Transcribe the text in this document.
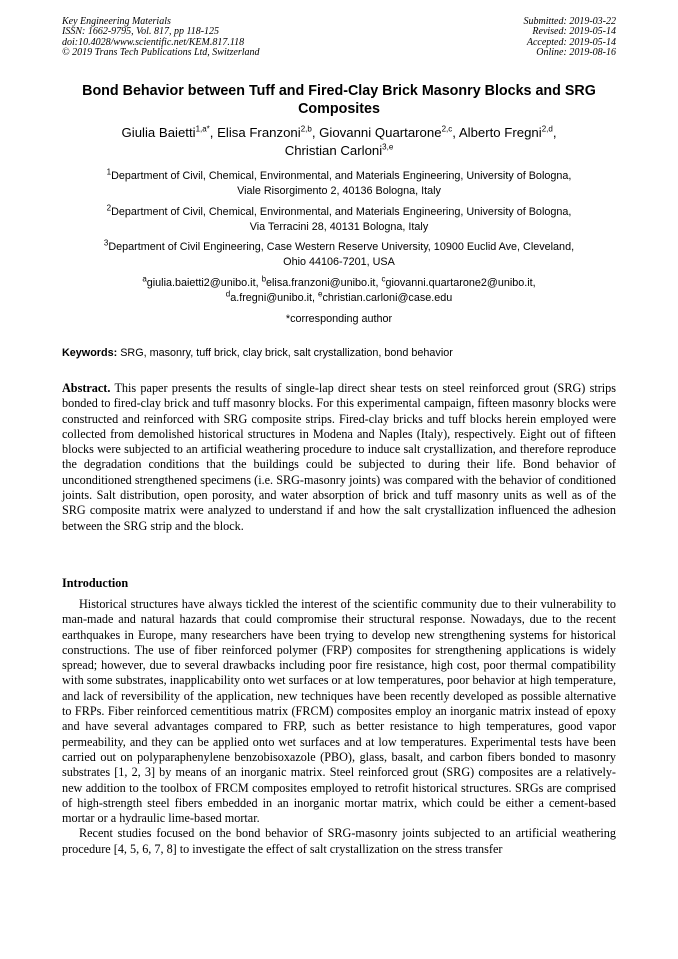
Key Engineering Materials
ISSN: 1662-9795, Vol. 817, pp 118-125
doi:10.4028/www.scientific.net/KEM.817.118
© 2019 Trans Tech Publications Ltd, Switzerland
Submitted: 2019-03-22
Revised: 2019-05-14
Accepted: 2019-05-14
Online: 2019-08-16
Bond Behavior between Tuff and Fired-Clay Brick Masonry Blocks and SRG Composites
Giulia Baietti$^{1,a*}$, Elisa Franzoni$^{2,b}$, Giovanni Quartarone$^{2,c}$, Alberto Fregni$^{2,d}$,
Christian Carloni$^{3,e}$
$^1$Department of Civil, Chemical, Environmental, and Materials Engineering, University of Bologna,
Viale Risorgimento 2, 40136 Bologna, Italy
$^2$Department of Civil, Chemical, Environmental, and Materials Engineering, University of Bologna,
Via Terracini 28, 40131 Bologna, Italy
$^3$Department of Civil Engineering, Case Western Reserve University, 10900 Euclid Ave, Cleveland,
Ohio 44106-7201, USA
$^a$giulia.baietti2@unibo.it, $^b$elisa.franzoni@unibo.it, $^c$giovanni.quartarone2@unibo.it,
$^d$a.fregni@unibo.it, $^e$christian.carloni@case.edu
*corresponding author
Keywords: SRG, masonry, tuff brick, clay brick, salt crystallization, bond behavior

Abstract. This paper presents the results of single-lap direct shear tests on steel reinforced grout (SRG) strips bonded to fired-clay brick and tuff masonry blocks. For this experimental campaign, fifteen masonry blocks were constructed and reinforced with SRG composite strips. Fired-clay bricks and tuff blocks herein employed were collected from demolished historical structures in Modena and Naples (Italy), respectively. Eight out of fifteen blocks were subjected to an artificial weathering procedure to induce salt crystallization, and therefore reproduce the degradation conditions that the buildings could be subjected to during their life. Bond behavior of unconditioned strengthened specimens (i.e. SRG-masonry joints) was compared with the behavior of conditioned joints. Salt distribution, open porosity, and water absorption of brick and tuff masonry units as well as of the SRG composite matrix were analyzed to understand if and how the salt crystallization influenced the adhesion between the SRG strip and the block.

Introduction

Historical structures have always tickled the interest of the scientific community due to their vulnerability to man-made and natural hazards that could compromise their structural response. Nowadays, due to the recent earthquakes in Europe, many researchers have been trying to develop new strengthening systems for historical constructions. The use of fiber reinforced polymer (FRP) composites for strengthening applications is widely spread; however, due to several drawbacks including poor fire resistance, high cost, poor thermal compatibility with some substrates, inapplicability onto wet surfaces or at low temperatures, poor behavior at high temperature, and lack of reversibility of the application, new techniques have been recently developed as possible alternative to FRPs. Fiber reinforced cementitious matrix (FRCM) composites employ an inorganic matrix instead of epoxy and have several advantages compared to FRP, such as better resistance to high temperatures, good vapor permeability, and they can be applied onto wet surfaces and at low temperatures. Experimental tests have been carried out on polyparaphenylene benzobisoxazole (PBO), glass, basalt, and carbon fibers bonded to masonry substrates [1, 2, 3] by means of an inorganic matrix. Steel reinforced grout (SRG) composites are a relatively-new addition to the toolbox of FRCM composites employed to retrofit historical structures. SRGs are comprised of high-strength steel fibers embedded in an inorganic mortar matrix, which could be either a cement-based mortar or a hydraulic lime-based mortar.

Recent studies focused on the bond behavior of SRG-masonry joints subjected to an artificial weathering procedure [4, 5, 6, 7, 8] to investigate the effect of salt crystallization on the stress transfer
